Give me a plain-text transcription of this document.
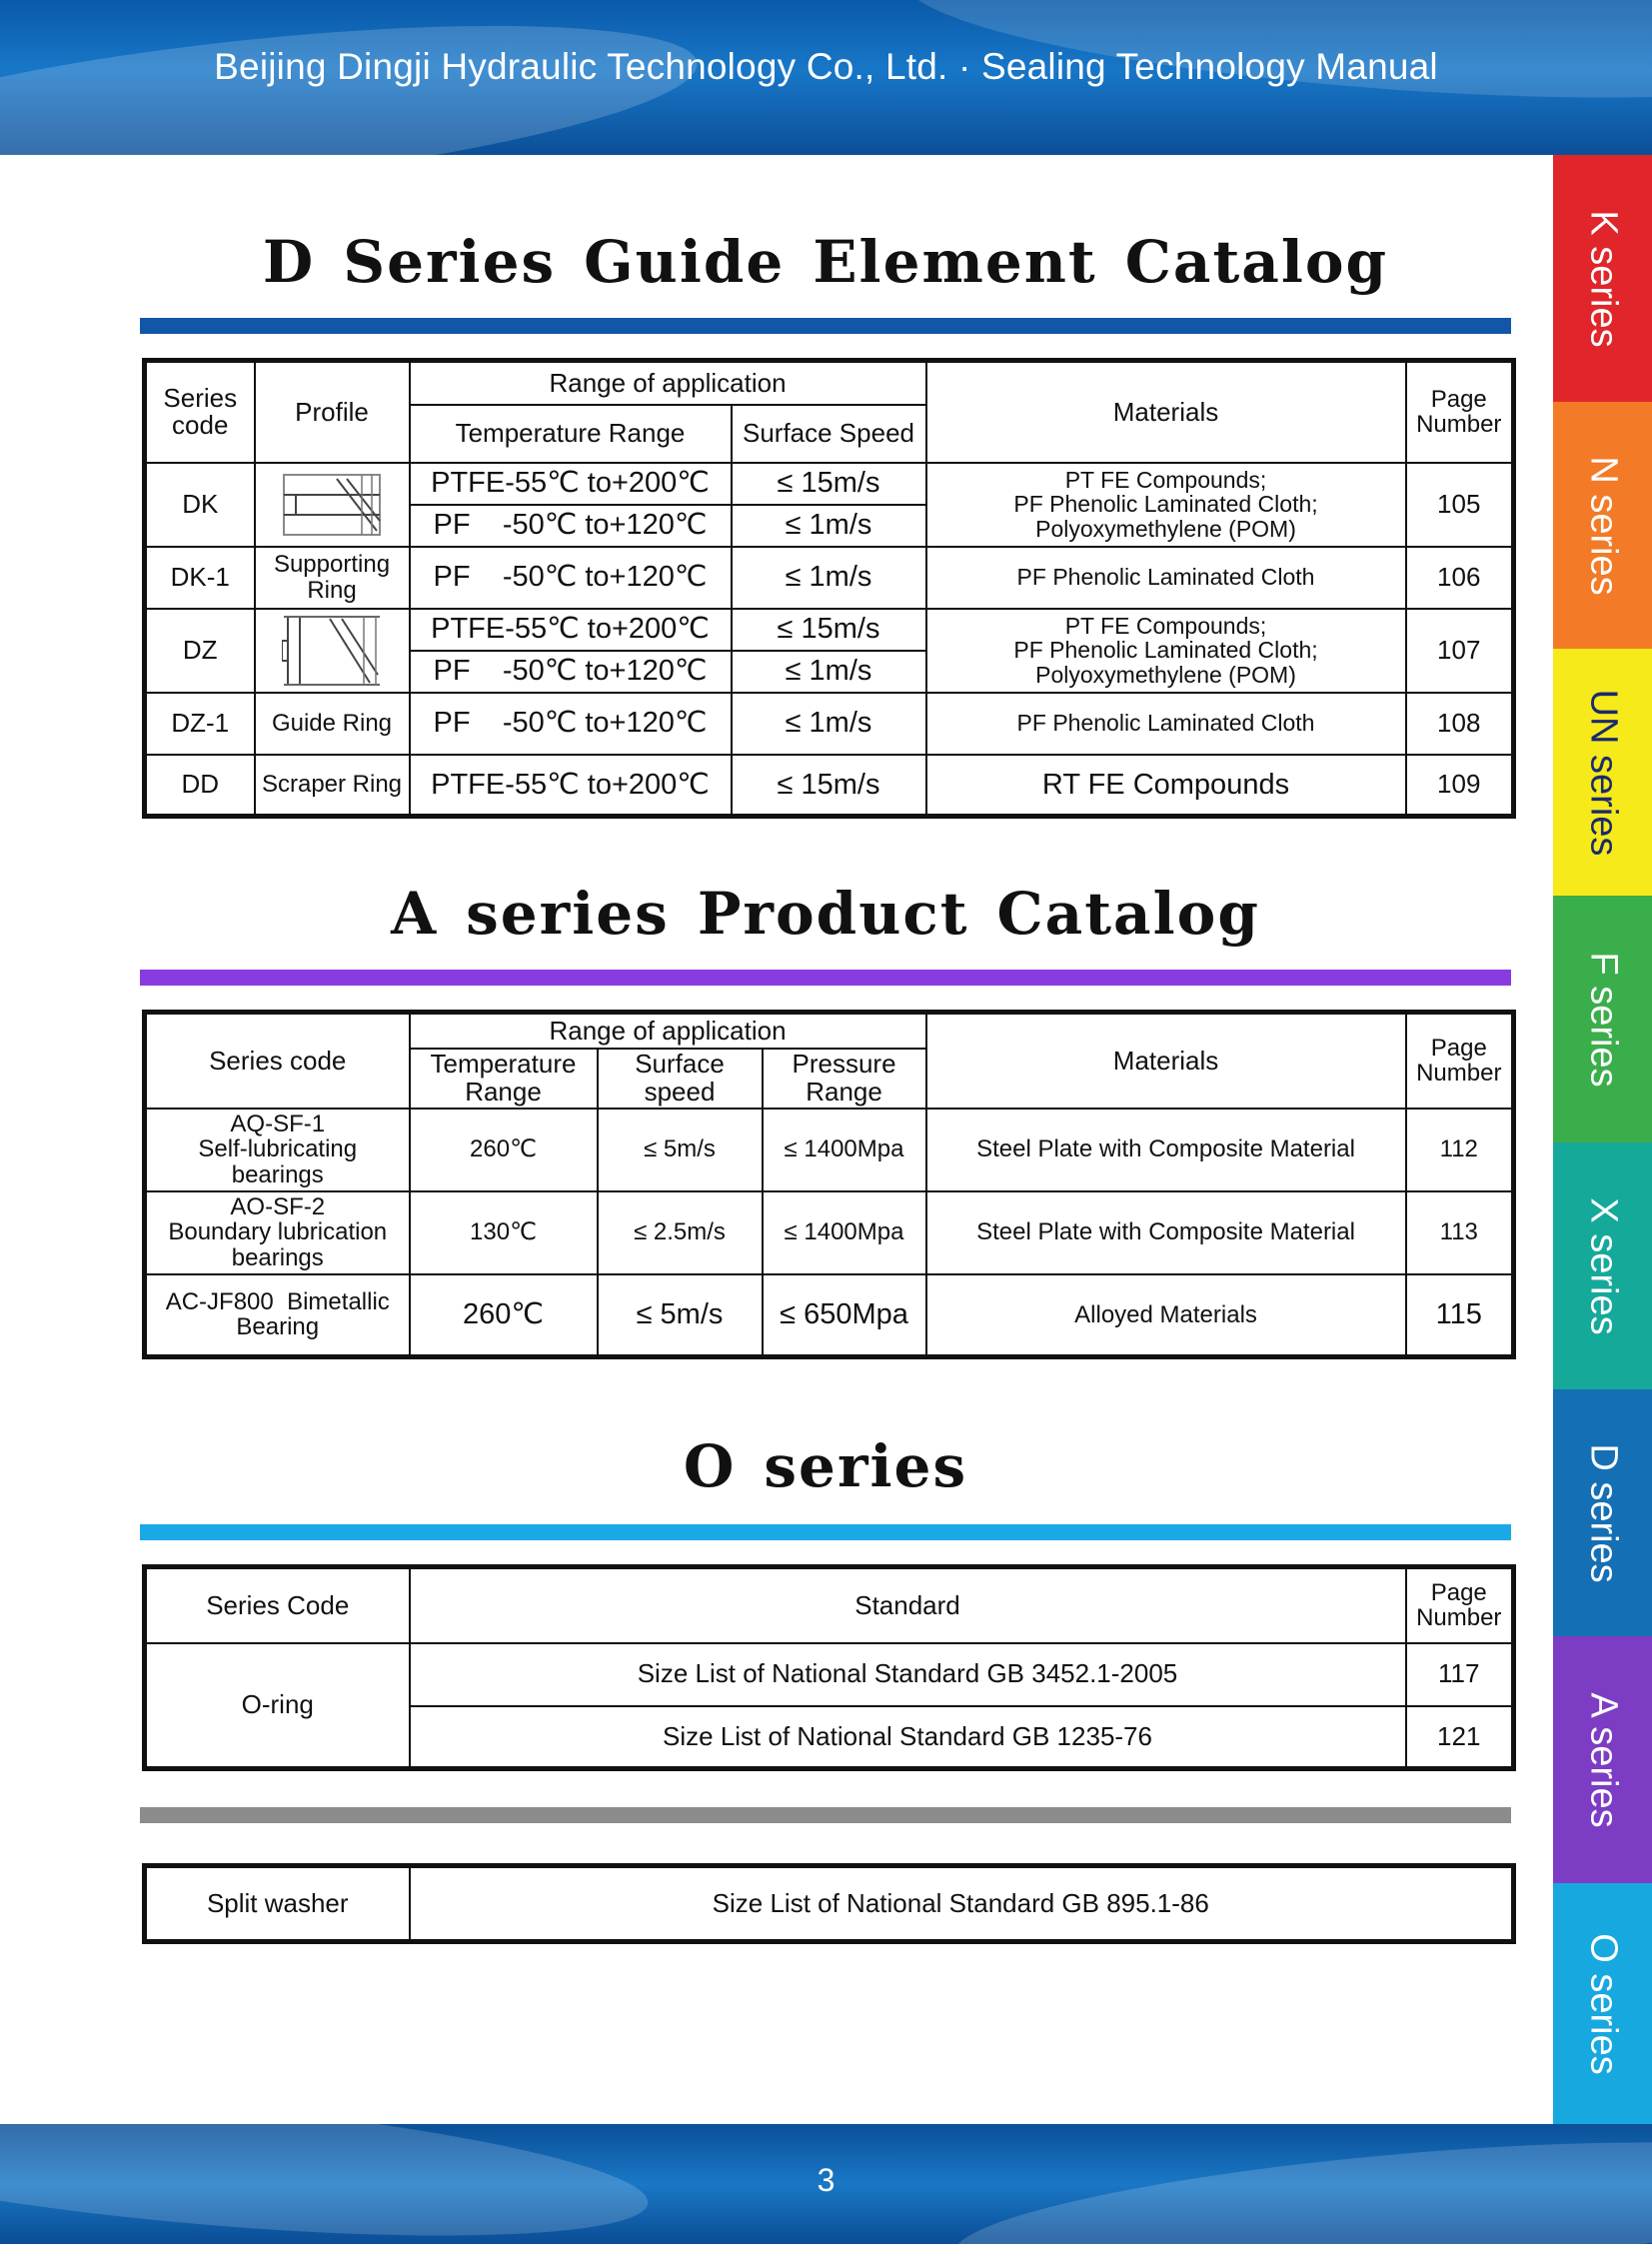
Beijing Dingji Hydraulic Technology Co., Ltd. · Sealing Technology Manual
K series
N series
UN series
F series
X series
D series
A series
O series
D Series Guide Element Catalog
Series code	Profile	Range of application		Materials	Page Number
		Temperature Range	Surface Speed		
DK		PTFE-55℃ to+200℃	≤ 15m/s	PT FE Compounds;
PF Phenolic Laminated Cloth;
Polyoxymethylene (POM)	105
		PF    -50℃ to+120℃	≤ 1m/s		
DK-1	Supporting Ring	PF    -50℃ to+120℃	≤ 1m/s	PF Phenolic Laminated Cloth	106
DZ		PTFE-55℃ to+200℃	≤ 15m/s	PT FE Compounds;
PF Phenolic Laminated Cloth;
Polyoxymethylene (POM)	107
		PF    -50℃ to+120℃	≤ 1m/s		
DZ-1	Guide Ring	PF    -50℃ to+120℃	≤ 1m/s	PF Phenolic Laminated Cloth	108
DD	Scraper Ring	PTFE-55℃ to+200℃	≤ 15m/s	RT FE Compounds	109
A series Product Catalog
Series code	Range of application			Materials	Page Number
	Temperature Range	Surface speed	Pressure Range		

AQ-SF-1
Self-lubricating
bearings	260℃	≤ 5m/s	≤ 1400Mpa	Steel Plate with Composite Material	112

AO-SF-2
Boundary lubrication
bearings	130℃	≤ 2.5m/s	≤ 1400Mpa	Steel Plate with Composite Material	113

AC-JF800  Bimetallic
Bearing	260℃	≤ 5m/s	≤ 650Mpa	Alloyed Materials	115
O series
Series Code	Standard	Page Number
O-ring	Size List of National Standard GB 3452.1-2005	117
	Size List of National Standard GB 1235-76	121
Split washer	Size List of National Standard GB 895.1-86
3
